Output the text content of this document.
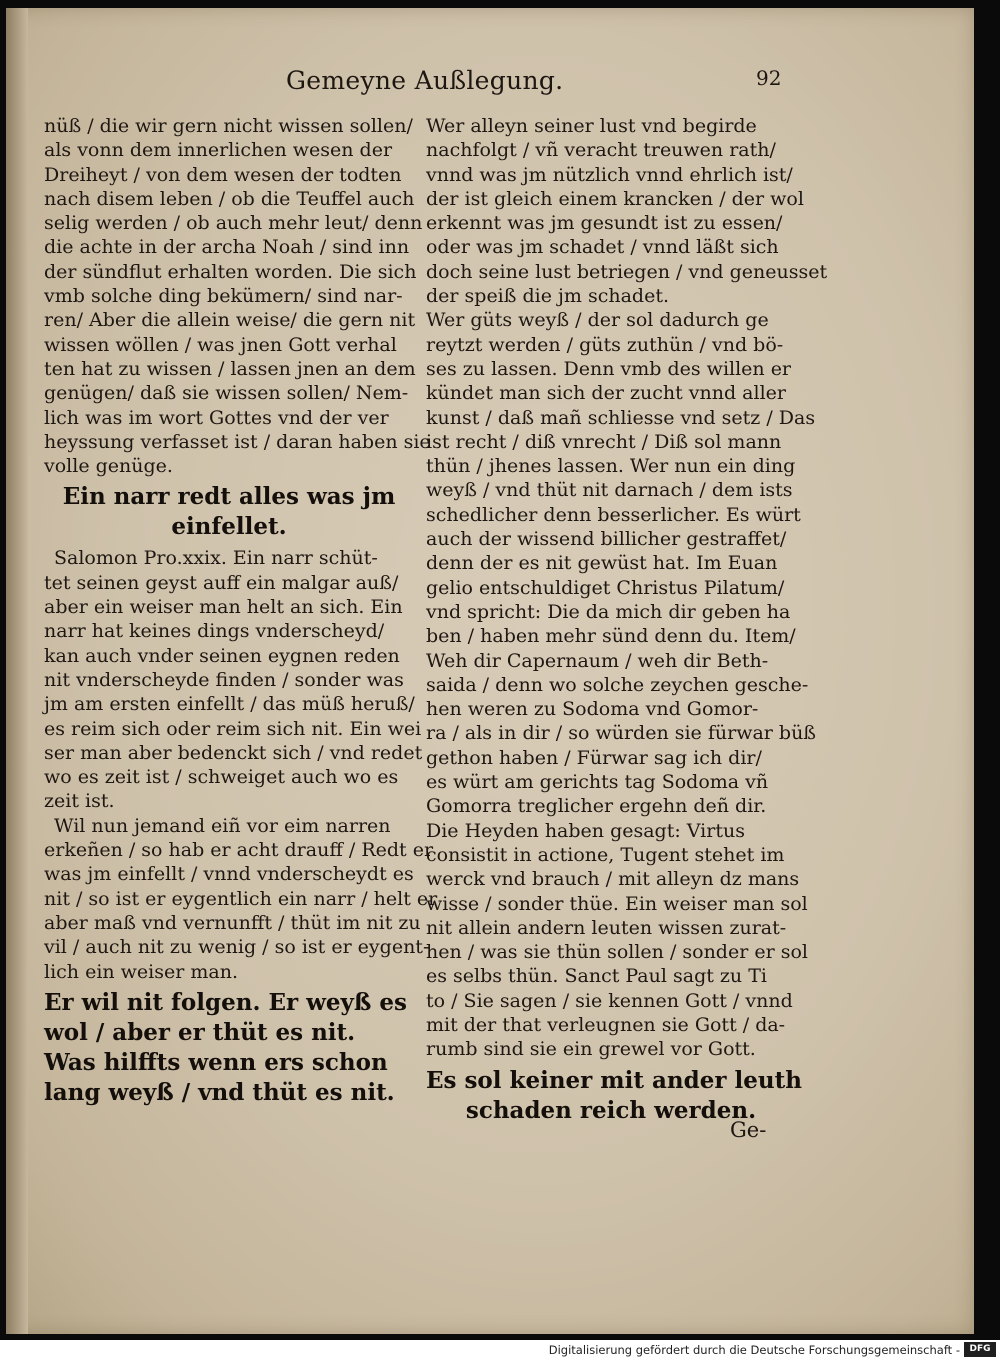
Gemeyne Außlegung.	92

nüß / die wir gern nicht wissen sollen/
als vonn dem innerlichen wesen der
Dreiheyt / von dem wesen der todten
nach disem leben / ob die Teuffel auch
selig werden / ob auch mehr leut/ denn
die achte in der archa Noah / sind inn
der sündflut erhalten worden. Die sich
vmb solche ding bekümern/ sind nar-
ren/ Aber die allein weise/ die gern nit
wissen wöllen / was jnen Gott verhal
ten hat zu wissen / lassen jnen an dem
genügen/ daß sie wissen sollen/ Nem-
lich was im wort Gottes vnd der ver
heyssung verfasset ist / daran haben sie
volle genüge.

Ein narr redt alles was jm
einfellet.

Salomon Pro.xxix. Ein narr schüt-
tet seinen geyst auff ein malgar auß/
aber ein weiser man helt an sich. Ein
narr hat keines dings vnderscheyd/
kan auch vnder seinen eygnen reden
nit vnderscheyde finden / sonder was
jm am ersten einfellt / das müß heruß/
es reim sich oder reim sich nit. Ein wei
ser man aber bedenckt sich / vnd redet
wo es zeit ist / schweiget auch wo es
zeit ist.

Wil nun jemand eiñ vor eim narren
erkeñen / so hab er acht drauff / Redt er
was jm einfellt / vnnd vnderscheydt es
nit / so ist er eygentlich ein narr / helt er
aber maß vnd vernunfft / thüt im nit zu
vil / auch nit zu wenig / so ist er eygent-
lich ein weiser man.

Er wil nit folgen. Er weyß es
wol / aber er thüt es nit.
Was hilffts wenn ers schon
lang weyß / vnd thüt es nit.

Wer alleyn seiner lust vnd begirde
nachfolgt / vñ veracht treuwen rath/
vnnd was jm nützlich vnnd ehrlich ist/
der ist gleich einem krancken / der wol
erkennt was jm gesundt ist zu essen/
oder was jm schadet / vnnd läßt sich
doch seine lust betriegen / vnd geneusset
der speiß die jm schadet.

Wer güts weyß / der sol dadurch ge
reytzt werden / güts zuthün / vnd bö-
ses zu lassen. Denn vmb des willen er
kündet man sich der zucht vnnd aller
kunst / daß mañ schliesse vnd setz / Das
ist recht / diß vnrecht / Diß sol mann
thün / jhenes lassen. Wer nun ein ding
weyß / vnd thüt nit darnach / dem ists
schedlicher denn besserlicher. Es würt
auch der wissend billicher gestraffet/
denn der es nit gewüst hat. Im Euan
gelio entschuldiget Christus Pilatum/
vnd spricht: Die da mich dir geben ha
ben / haben mehr sünd denn du. Item/
Weh dir Capernaum / weh dir Beth-
saida / denn wo solche zeychen gesche-
hen weren zu Sodoma vnd Gomor-
ra / als in dir / so würden sie fürwar büß
gethon haben / Fürwar sag ich dir/
es würt am gerichts tag Sodoma vñ
Gomorra treglicher ergehn deñ dir.

Die Heyden haben gesagt: Virtus
consistit in actione, Tugent stehet im
werck vnd brauch / mit alleyn dz mans
wisse / sonder thüe. Ein weiser man sol
nit allein andern leuten wissen zurat-
hen / was sie thün sollen / sonder er sol
es selbs thün. Sanct Paul sagt zu Ti
to / Sie sagen / sie kennen Gott / vnnd
mit der that verleugnen sie Gott / da-
rumb sind sie ein grewel vor Gott.

Es sol keiner mit ander leuth
schaden reich werden.
Ge-
Digitalisierung gefördert durch die Deutsche Forschungsgemeinschaft -	DFG
